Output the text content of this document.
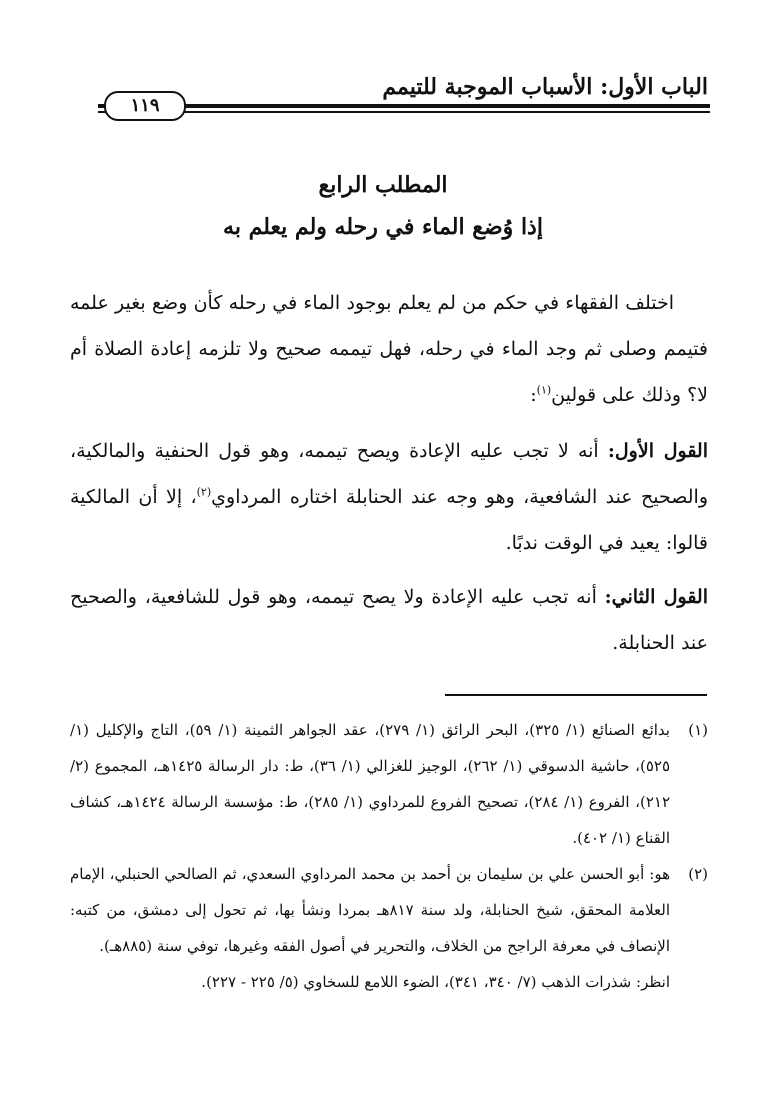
الباب الأول: الأسباب الموجبة للتيمم
١١٩
المطلب الرابع
إذا وُضع الماء في رحله ولم يعلم به
اختلف الفقهاء في حكم من لم يعلم بوجود الماء في رحله كأن وضع بغير علمه فتيمم وصلى ثم وجد الماء في رحله، فهل تيممه صحيح ولا تلزمه إعادة الصلاة أم لا؟ وذلك على قولين$^{(١)}$:
القول الأول: أنه لا تجب عليه الإعادة ويصح تيممه، وهو قول الحنفية والمالكية، والصحيح عند الشافعية، وهو وجه عند الحنابلة اختاره المرداوي$^{(٢)}$، إلا أن المالكية قالوا: يعيد في الوقت ندبًا.
القول الثاني: أنه تجب عليه الإعادة ولا يصح تيممه، وهو قول للشافعية، والصحيح عند الحنابلة.
(١)
بدائع الصنائع (١/ ٣٢٥)، البحر الرائق (١/ ٢٧٩)، عقد الجواهر الثمينة (١/ ٥٩)، التاج والإكليل (١/ ٥٢٥)، حاشية الدسوقي (١/ ٢٦٢)، الوجيز للغزالي (١/ ٣٦)، ط: دار الرسالة ١٤٢٥هـ، المجموع (٢/ ٢١٢)، الفروع (١/ ٢٨٤)، تصحيح الفروع للمرداوي (١/ ٢٨٥)، ط: مؤسسة الرسالة ١٤٢٤هـ، كشاف القناع (١/ ٤٠٢).
(٢)
هو: أبو الحسن علي بن سليمان بن أحمد بن محمد المرداوي السعدي، ثم الصالحي الحنبلي، الإمام العلامة المحقق، شيخ الحنابلة، ولد سنة ٨١٧هـ بمردا ونشأ بها، ثم تحول إلى دمشق، من كتبه: الإنصاف في معرفة الراجح من الخلاف، والتحرير في أصول الفقه وغيرها، توفي سنة (٨٨٥هـ).
انظر: شذرات الذهب (٧/ ٣٤٠، ٣٤١)، الضوء اللامع للسخاوي (٥/ ٢٢٥ - ٢٢٧).
